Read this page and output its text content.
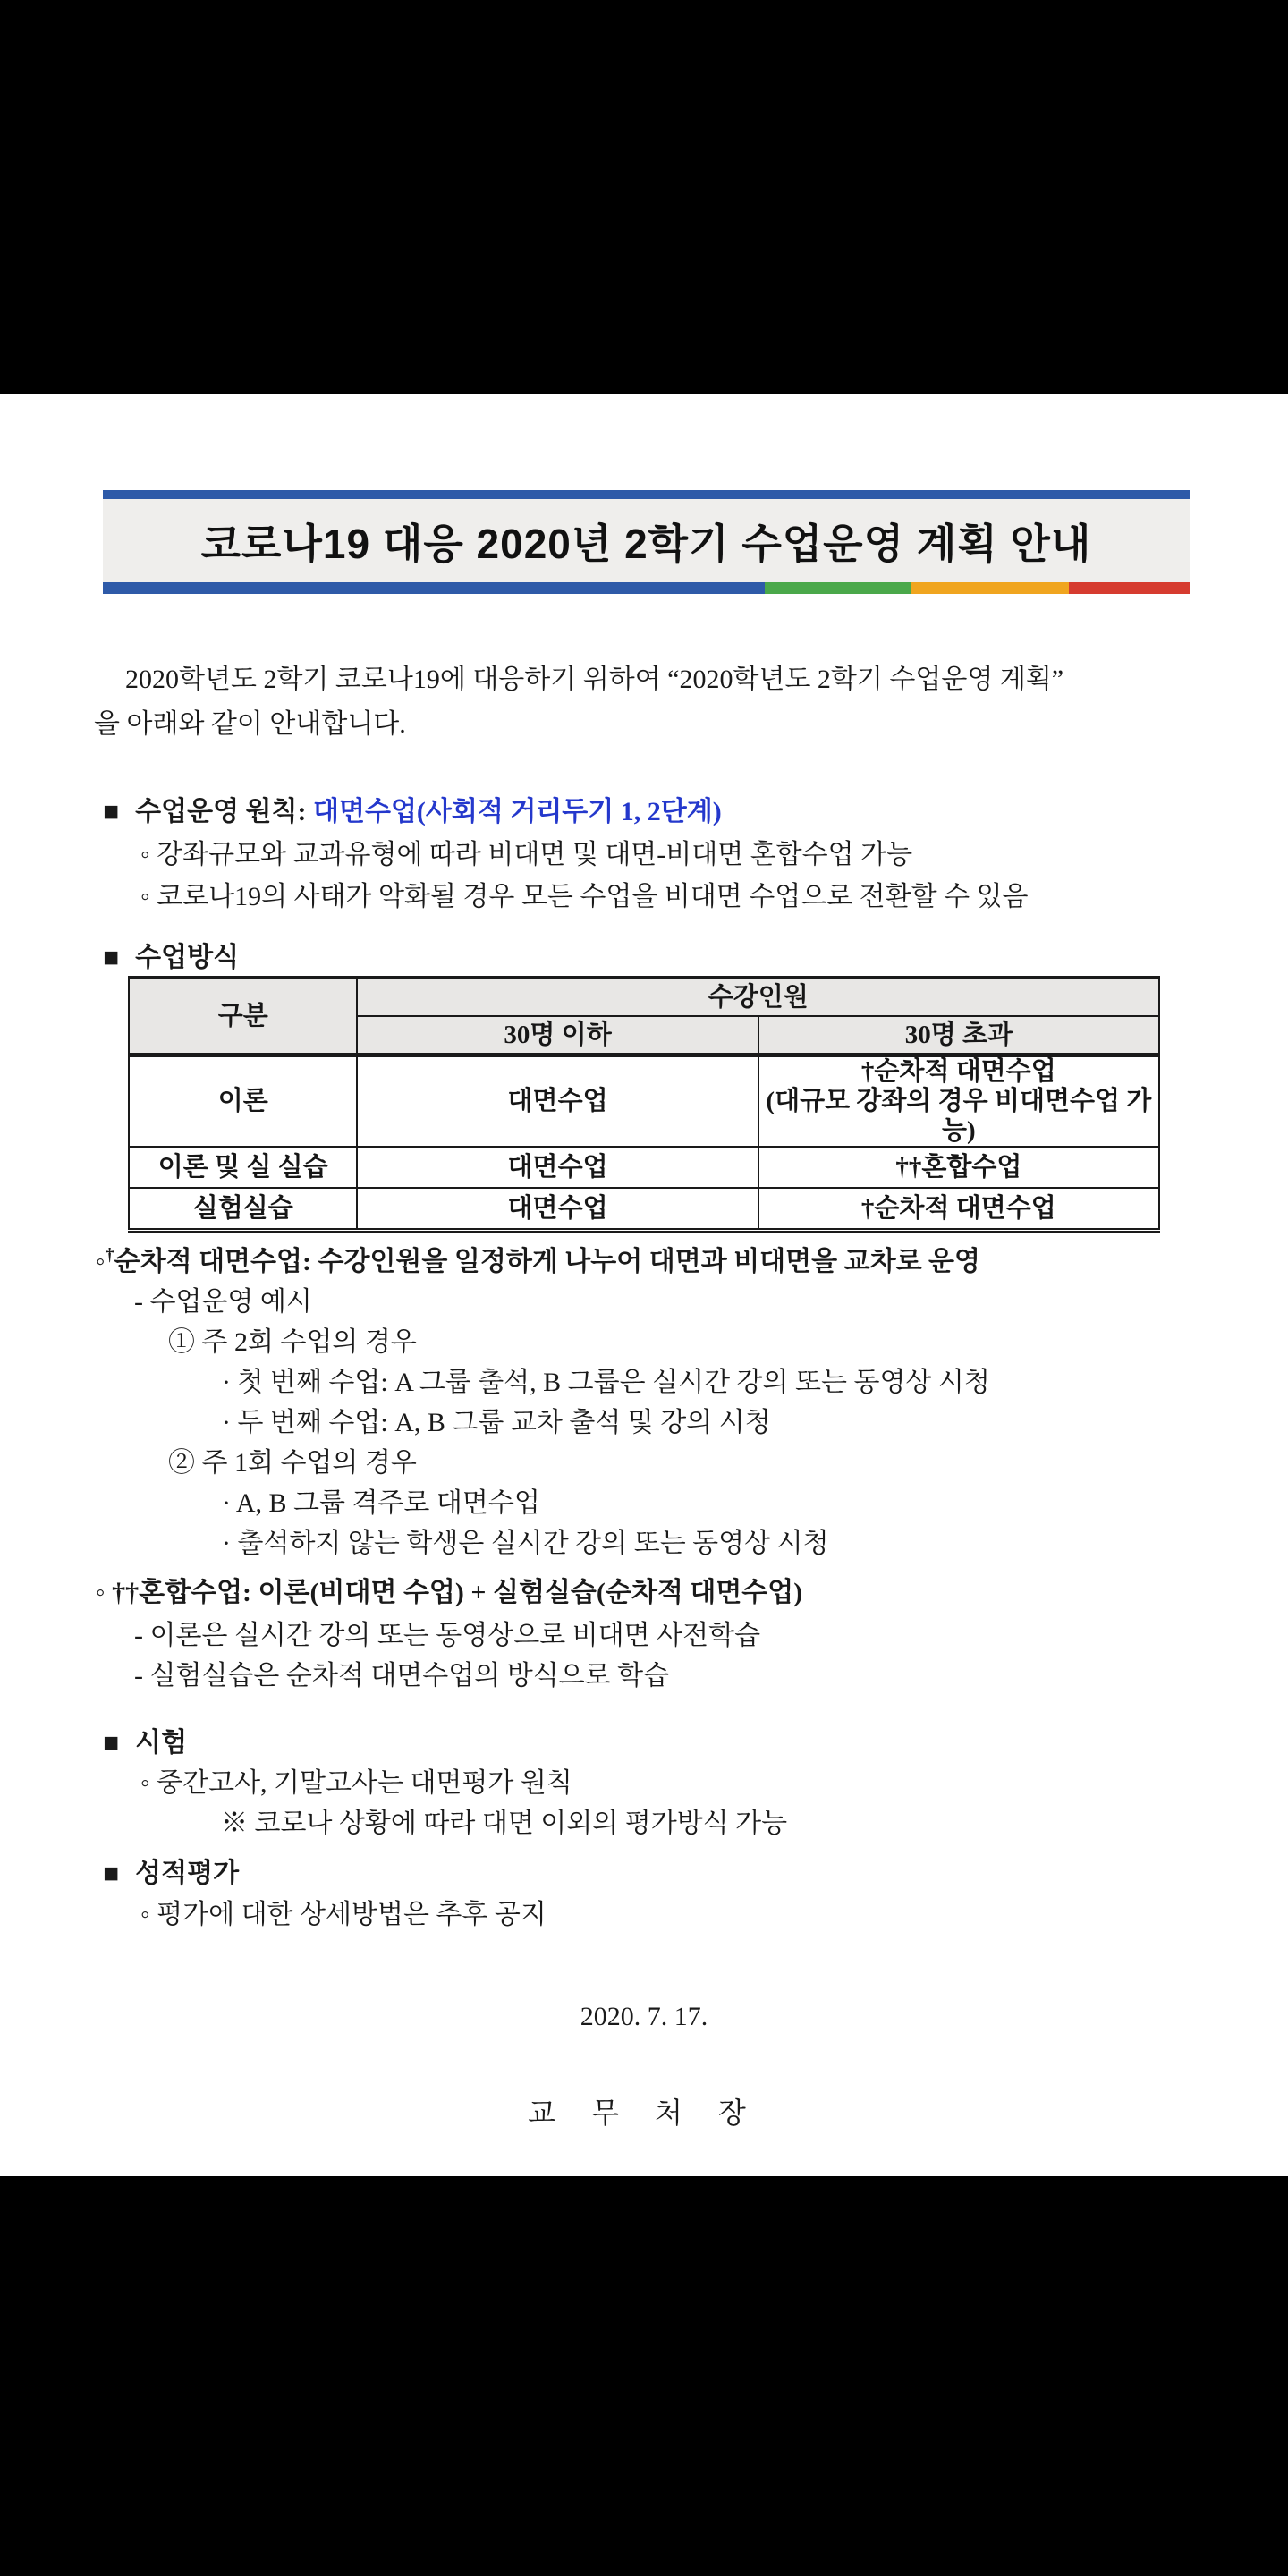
코로나19 대응 2020년 2학기 수업운영 계획 안내
2020학년도 2학기 코로나19에 대응하기 위하여 “2020학년도 2학기 수업운영 계획”
을 아래와 같이 안내합니다.
■ 수업운영 원칙: 대면수업(사회적 거리두기 1, 2단계)
◦ 강좌규모와 교과유형에 따라 비대면 및 대면-비대면 혼합수업 가능
◦ 코로나19의 사태가 악화될 경우 모든 수업을 비대면 수업으로 전환할 수 있음
■ 수업방식
구분	수강인원	
	30명 이하	30명 초과
이론	대면수업	†순차적 대면수업
(대규모 강좌의 경우 비대면수업 가능)

이론 및 실 실습	대면수업	††혼합수업
실험실습	대면수업	†순차적 대면수업
◦†순차적 대면수업: 수강인원을 일정하게 나누어 대면과 비대면을 교차로 운영
- 수업운영 예시
① 주 2회 수업의 경우
· 첫 번째 수업: A 그룹 출석, B 그룹은 실시간 강의 또는 동영상 시청
· 두 번째 수업: A, B 그룹 교차 출석 및 강의 시청
② 주 1회 수업의 경우
· A, B 그룹 격주로 대면수업
· 출석하지 않는 학생은 실시간 강의 또는 동영상 시청
◦ ††혼합수업: 이론(비대면 수업) + 실험실습(순차적 대면수업)
- 이론은 실시간 강의 또는 동영상으로 비대면 사전학습
- 실험실습은 순차적 대면수업의 방식으로 학습
■ 시험
◦ 중간고사, 기말고사는 대면평가 원칙
※ 코로나 상황에 따라 대면 이외의 평가방식 가능
■ 성적평가
◦ 평가에 대한 상세방법은 추후 공지
2020. 7. 17.
교 무 처 장
